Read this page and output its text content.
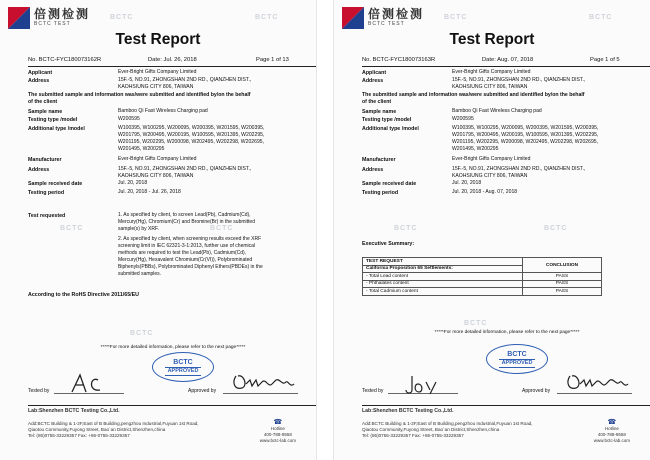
倍测检测
BCTC TEST
BCTC	BCTC
BCTC	BCTC
BCTC
Test Report
No. BCTC-FYC180073162R	Date: Jul. 26, 2018	Page 1 of 13
Applicant	Ever-Bright Gifts Company Limited
Address	15F.-5, NO.91, ZHONGSHAN 2ND RD., QIANZHEN DIST.,
KAOHSIUNG CITY 806, TAIWAN
The submitted sample and information was/were submitted and identified by/on the behalf
of the client
Sample name	Bamboo Qi Fast Wireless Charging pad
Testing type /model	W200595
Additional type /model	W100395, W100295, W200095, W200395, W201595, W200395,
W201795, W200495, W200195, W100595, W201395, W202295,
W201195, W202295, W200098, W202495, W202298, W202695,
W201495, W200295
Manufacturer	Ever-Bright Gifts Company Limited
Address	15F.-5, NO.91, ZHONGSHAN 2ND RD., QIANZHEN DIST.,
KAOHSIUNG CITY 806, TAIWAN
Sample received date	Jul. 20, 2018
Testing period	Jul. 20, 2018 - Jul. 26, 2018
Test requested	1. As specified by client, to screen Lead(Pb), Cadmium(Cd),
Mercury(Hg), Chromium(Cr) and Bromine(Br) in the submitted
sample(s) by XRF.
2. As specified by client, when screening results exceed the XRF
screening limit in IEC 62321-3-1:2013, further use of chemical
methods are required to test the Lead(Pb), Cadmium(Cd),
Mercury(Hg), Hexavalent Chromium(Cr(VI)), Polybrominated
Biphenyls(PBBs), Polybrominated Diphenyl Ethers(PBDEs) in the
submitted samples.
According to the RoHS Directive 2011/65/EU
*****For more detailed information, please refer to the next page*****
BCTC
APPROVED
Tested by	Approved by
Lab:Shenzhen BCTC Testing Co.,Ltd.
Add:BCTC Building & 1-2F,East of B Building,pengzhou Industrial,Fuyuan 1st Road,
Qiaotou Community,Fuyong Street, Bao`an District,Shenzhen,china
Tel: (86)0755-33229357 Fax: +86-0755-33229357
☎
Hotline
400-788-9558
www.bctc-lab.com
倍测检测
BCTC TEST
BCTC	BCTC
BCTC	BCTC
BCTC
Test Report
No. BCTC-FYC180073163R	Date: Aug. 07, 2018	Page 1 of 5
Applicant	Ever-Bright Gifts Company Limited
Address	15F.-5, NO.91, ZHONGSHAN 2ND RD., QIANZHEN DIST.,
KAOHSIUNG CITY 806, TAIWAN
The submitted sample and information was/were submitted and identified by/on the behalf
of the client
Sample name	Bamboo Qi Fast Wireless Charging pad
Testing type /model	W200595
Additional type /model	W100395, W100295, W200095, W200395, W201595, W200395,
W201795, W200495, W200195, W100595, W201395, W202295,
W201195, W202295, W200098, W202495, W202298, W202695,
W201495, W200295
Manufacturer	Ever-Bright Gifts Company Limited
Address	15F.-5, NO.91, ZHONGSHAN 2ND RD., QIANZHEN DIST.,
KAOHSIUNG CITY 806, TAIWAN
Sample received date	Jul. 20, 2018
Testing period	Jul. 20, 2018 - Aug. 07, 2018
Executive Summary:
TEST REQUEST	CONCLUSION
California Proposition 65 Settlements:	
- Total Lead content	PASS
- Phthalates content	PASS
- Total Cadmium content	PASS
*****For more detailed information, please refer to the next page*****
BCTC
APPROVED
Tested by	Approved by
Lab:Shenzhen BCTC Testing Co.,Ltd.
Add:BCTC Building & 1-2F,East of B Building,pengzhou Industrial,Fuyuan 1st Road,
Qiaotou Community,Fuyong Street, Bao`an District,Shenzhen,china
Tel: (86)0755-33229357 Fax: +86-0755-33229357
☎
Hotline
400-788-9558
www.bctc-lab.com
